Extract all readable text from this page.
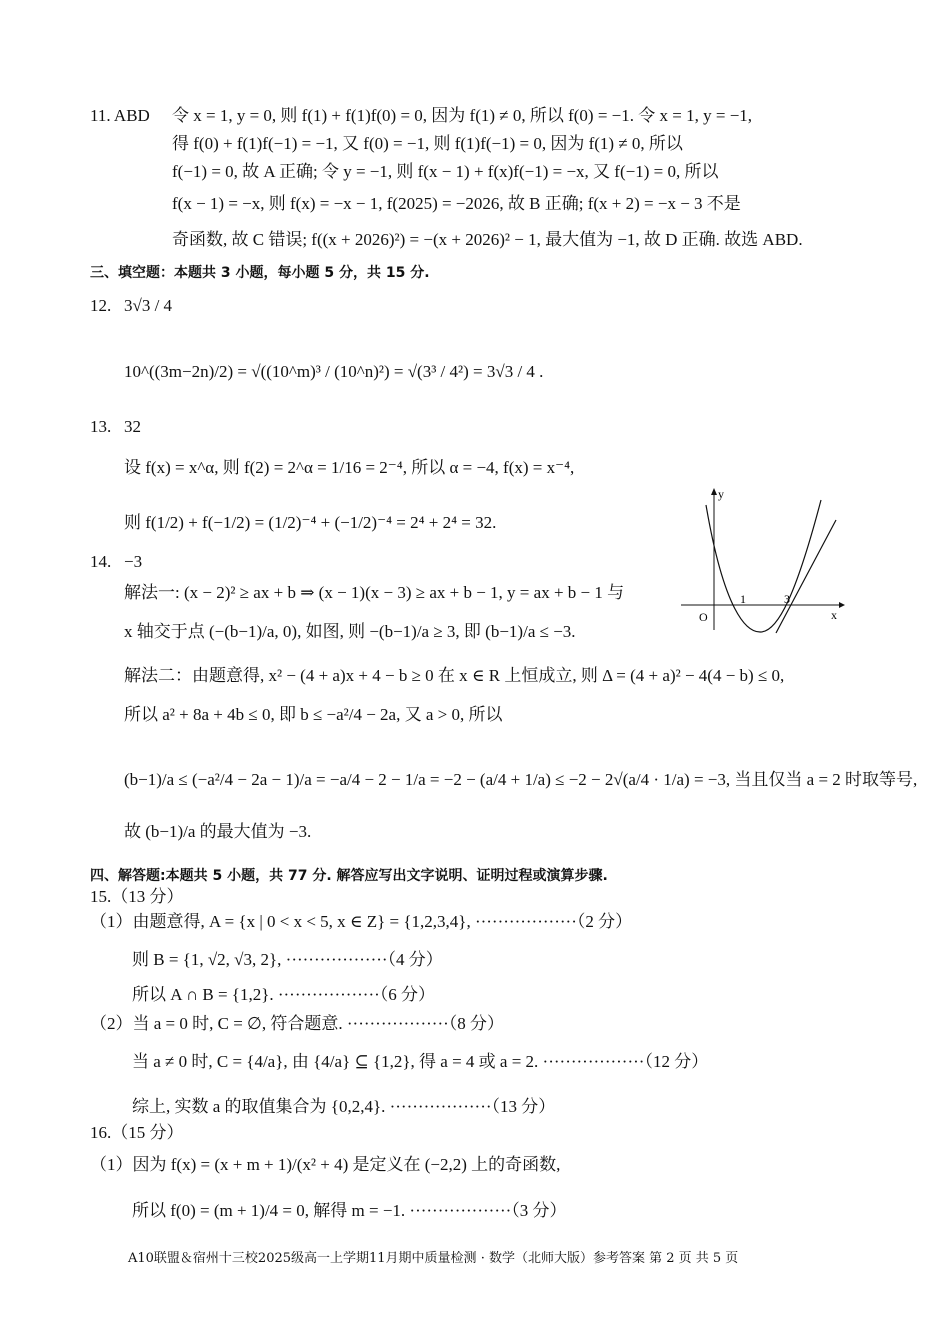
11. ABD 令 x = 1, y = 0, 则 f(1) + f(1)f(0) = 0, 因为 f(1) ≠ 0, 所以 f(0) = −1. 令 x = 1, y = −1,
得 f(0) + f(1)f(−1) = −1, 又 f(0) = −1, 则 f(1)f(−1) = 0, 因为 f(1) ≠ 0, 所以
f(−1) = 0, 故 A 正确; 令 y = −1, 则 f(x − 1) + f(x)f(−1) = −x, 又 f(−1) = 0, 所以
f(x − 1) = −x, 则 f(x) = −x − 1, f(2025) = −2026, 故 B 正确; f(x + 2) = −x − 3 不是
奇函数, 故 C 错误; f((x + 2026)²) = −(x + 2026)² − 1, 最大值为 −1, 故 D 正确. 故选 ABD.
三、填空题：本题共 3 小题，每小题 5 分，共 15 分.
12. 3√3 / 4
10^((3m−2n)/2) = √((10^m)³ / (10^n)²) = √(3³ / 4²) = 3√3 / 4 .
13. 32
设 f(x) = x^α, 则 f(2) = 2^α = 1/16 = 2⁻⁴, 所以 α = −4, f(x) = x⁻⁴,
则 f(1/2) + f(−1/2) = (1/2)⁻⁴ + (−1/2)⁻⁴ = 2⁴ + 2⁴ = 32.
y
x
O
1	3
14. −3
解法一: (x − 2)² ≥ ax + b ⇒ (x − 1)(x − 3) ≥ ax + b − 1, y = ax + b − 1 与
x 轴交于点 (−(b−1)/a, 0), 如图, 则 −(b−1)/a ≥ 3, 即 (b−1)/a ≤ −3.
解法二：由题意得, x² − (4 + a)x + 4 − b ≥ 0 在 x ∈ R 上恒成立, 则 Δ = (4 + a)² − 4(4 − b) ≤ 0,
所以 a² + 8a + 4b ≤ 0, 即 b ≤ −a²/4 − 2a, 又 a > 0, 所以
(b−1)/a ≤ (−a²/4 − 2a − 1)/a = −a/4 − 2 − 1/a = −2 − (a/4 + 1/a) ≤ −2 − 2√(a/4 · 1/a) = −3, 当且仅当 a = 2 时取等号,
故 (b−1)/a 的最大值为 −3.
四、解答题:本题共 5 小题，共 77 分. 解答应写出文字说明、证明过程或演算步骤.
15.（13 分）
（1）由题意得, A = {x | 0 < x < 5, x ∈ Z} = {1,2,3,4}, ··················（2 分）
则 B = {1, √2, √3, 2}, ··················（4 分）
所以 A ∩ B = {1,2}. ··················（6 分）
（2）当 a = 0 时, C = ∅, 符合题意. ··················（8 分）
当 a ≠ 0 时, C = {4/a}, 由 {4/a} ⊆ {1,2}, 得 a = 4 或 a = 2. ··················（12 分）
综上, 实数 a 的取值集合为 {0,2,4}. ··················（13 分）
16.（15 分）
（1）因为 f(x) = (x + m + 1)/(x² + 4) 是定义在 (−2,2) 上的奇函数,
所以 f(0) = (m + 1)/4 = 0, 解得 m = −1. ··················（3 分）
A10联盟＆宿州十三校2025级高一上学期11月期中质量检测 · 数学（北师大版）参考答案 第 2 页 共 5 页
